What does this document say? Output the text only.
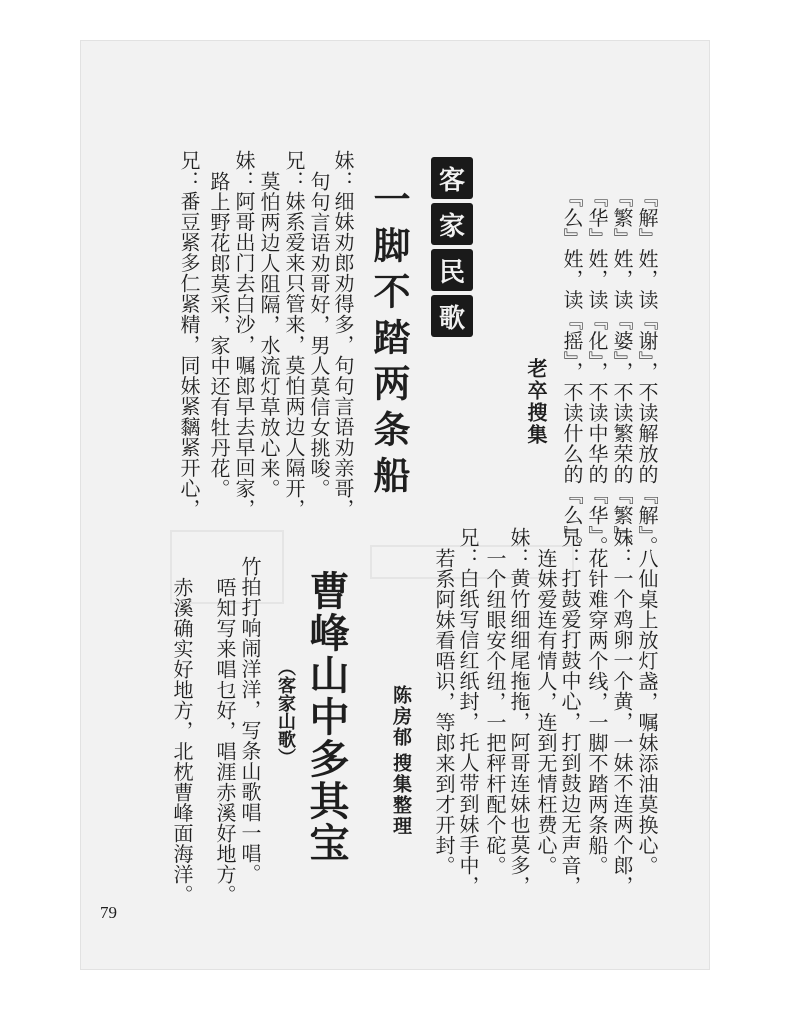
『解』姓，读『谢』，不读解放的『解』。
『繁』姓，读『婆』，不读繁荣的『繁』。
『华』姓，读『化』，不读中华的『华』。
『么』姓，读『摇』，不读什么的『么』。
老卒搜集
客
家
民
歌
一脚不踏两条船
妹：细妹劝郎劝得多，句句言语劝亲哥，
句句言语劝哥好，男人莫信女挑唆。
兄：妹系爱来只管来，莫怕两边人隔开，
莫怕两边人阻隔，水流灯草放心来。
妹：阿哥出门去白沙，嘱郎早去早回家，
路上野花郎莫采，家中还有牡丹花。
兄：番豆紧多仁紧精，同妹紧黐紧开心，
八仙桌上放灯盏，嘱妹添油莫换心。
妹：一个鸡卵一个黄，一妹不连两个郎，
花针难穿两个线，一脚不踏两条船。
兄：打鼓爱打鼓中心，打到鼓边无声音，
连妹爱连有情人，连到无情枉费心。
妹：黄竹细细尾拖拖，阿哥连妹也莫多，
一个纽眼安个纽，一把秤杆配个砣。
兄：白纸写信红纸封，托人带到妹手中，
若系阿妹看唔识，等郎来到才开封。
陈房郁
搜集整理
曹峰山中多其宝
（客家山歌）
竹拍打响闹洋洋，写条山歌唱一唱。
唔知写来唱乜好，唱涯赤溪好地方。
赤溪确实好地方，北枕曹峰面海洋。
79
